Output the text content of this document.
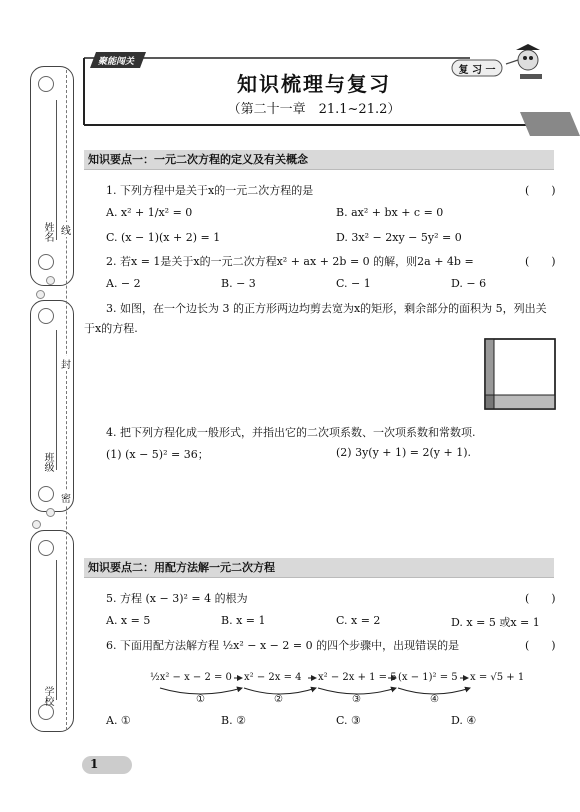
姓名
班级
学校
线
封
密
聚能闯关
复 习 一
知识梳理与复习
（第二十一章　21.1~21.2）
知识要点一：一元二次方程的定义及有关概念
1. 下列方程中是关于x的一元二次方程的是	(　　)
A. x² + 1/x² = 0	B. ax² + bx + c = 0
C. (x − 1)(x + 2) = 1	D. 3x² − 2xy − 5y² = 0
2. 若x = 1是关于x的一元二次方程x² + ax + 2b = 0 的解，则2a + 4b =	(　　)
A. − 2	B. − 3	C. − 1	D. − 6
3. 如图，在一个边长为 3 的正方形两边均剪去宽为x的矩形，剩余部分的面积为 5，列出关
于x的方程.
4. 把下列方程化成一般形式，并指出它的二次项系数、一次项系数和常数项.
(1) (x − 5)² = 36；	(2) 3y(y + 1) = 2(y + 1).
知识要点二：用配方法解一元二次方程
5. 方程 (x − 3)² = 4 的根为	(　　)
A. x = 5	B. x = 1	C. x = 2	D. x = 5 或x = 1
6. 下面用配方法解方程 ½x² − x − 2 = 0 的四个步骤中，出现错误的是	(　　)
½x² − x − 2 = 0 x² − 2x = 4 x² − 2x + 1 = 5 (x − 1)² = 5 x = √5 + 1
①	②	③	④
A. ①	B. ②	C. ③	D. ④
1
